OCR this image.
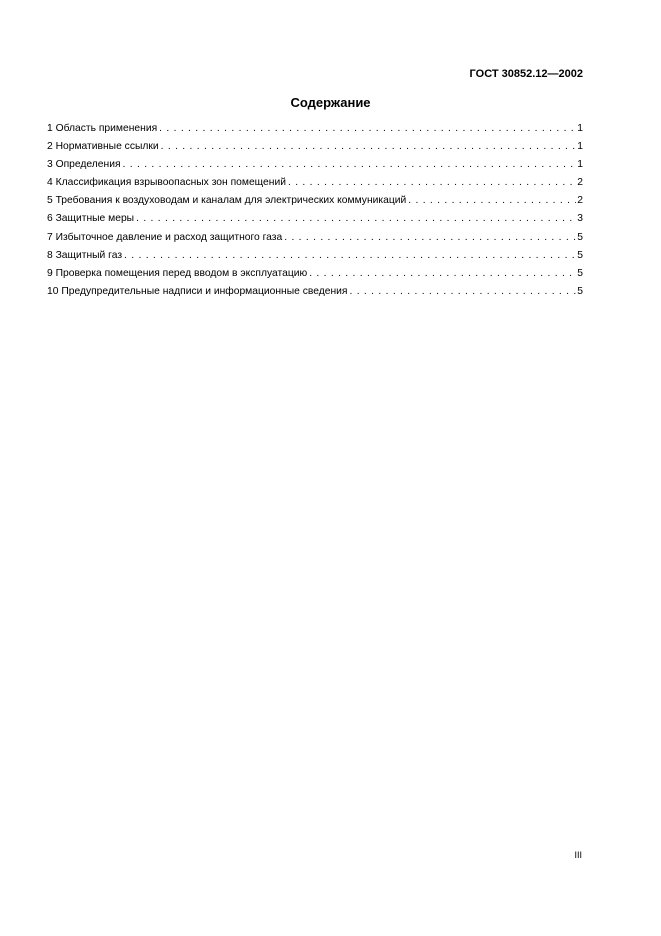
ГОСТ 30852.12—2002
Содержание
1 Область применения . . .	1
2 Нормативные ссылки . . .	1
3 Определения . . .	1
4 Классификация взрывоопасных зон помещений . . .	2
5 Требования к воздуховодам и каналам для электрических коммуникаций . . .	2
6 Защитные меры . . .	3
7 Избыточное давление и расход защитного газа . . .	5
8 Защитный газ . . .	5
9 Проверка помещения перед вводом в эксплуатацию . . .	5
10 Предупредительные надписи и информационные сведения . . .	5
III
